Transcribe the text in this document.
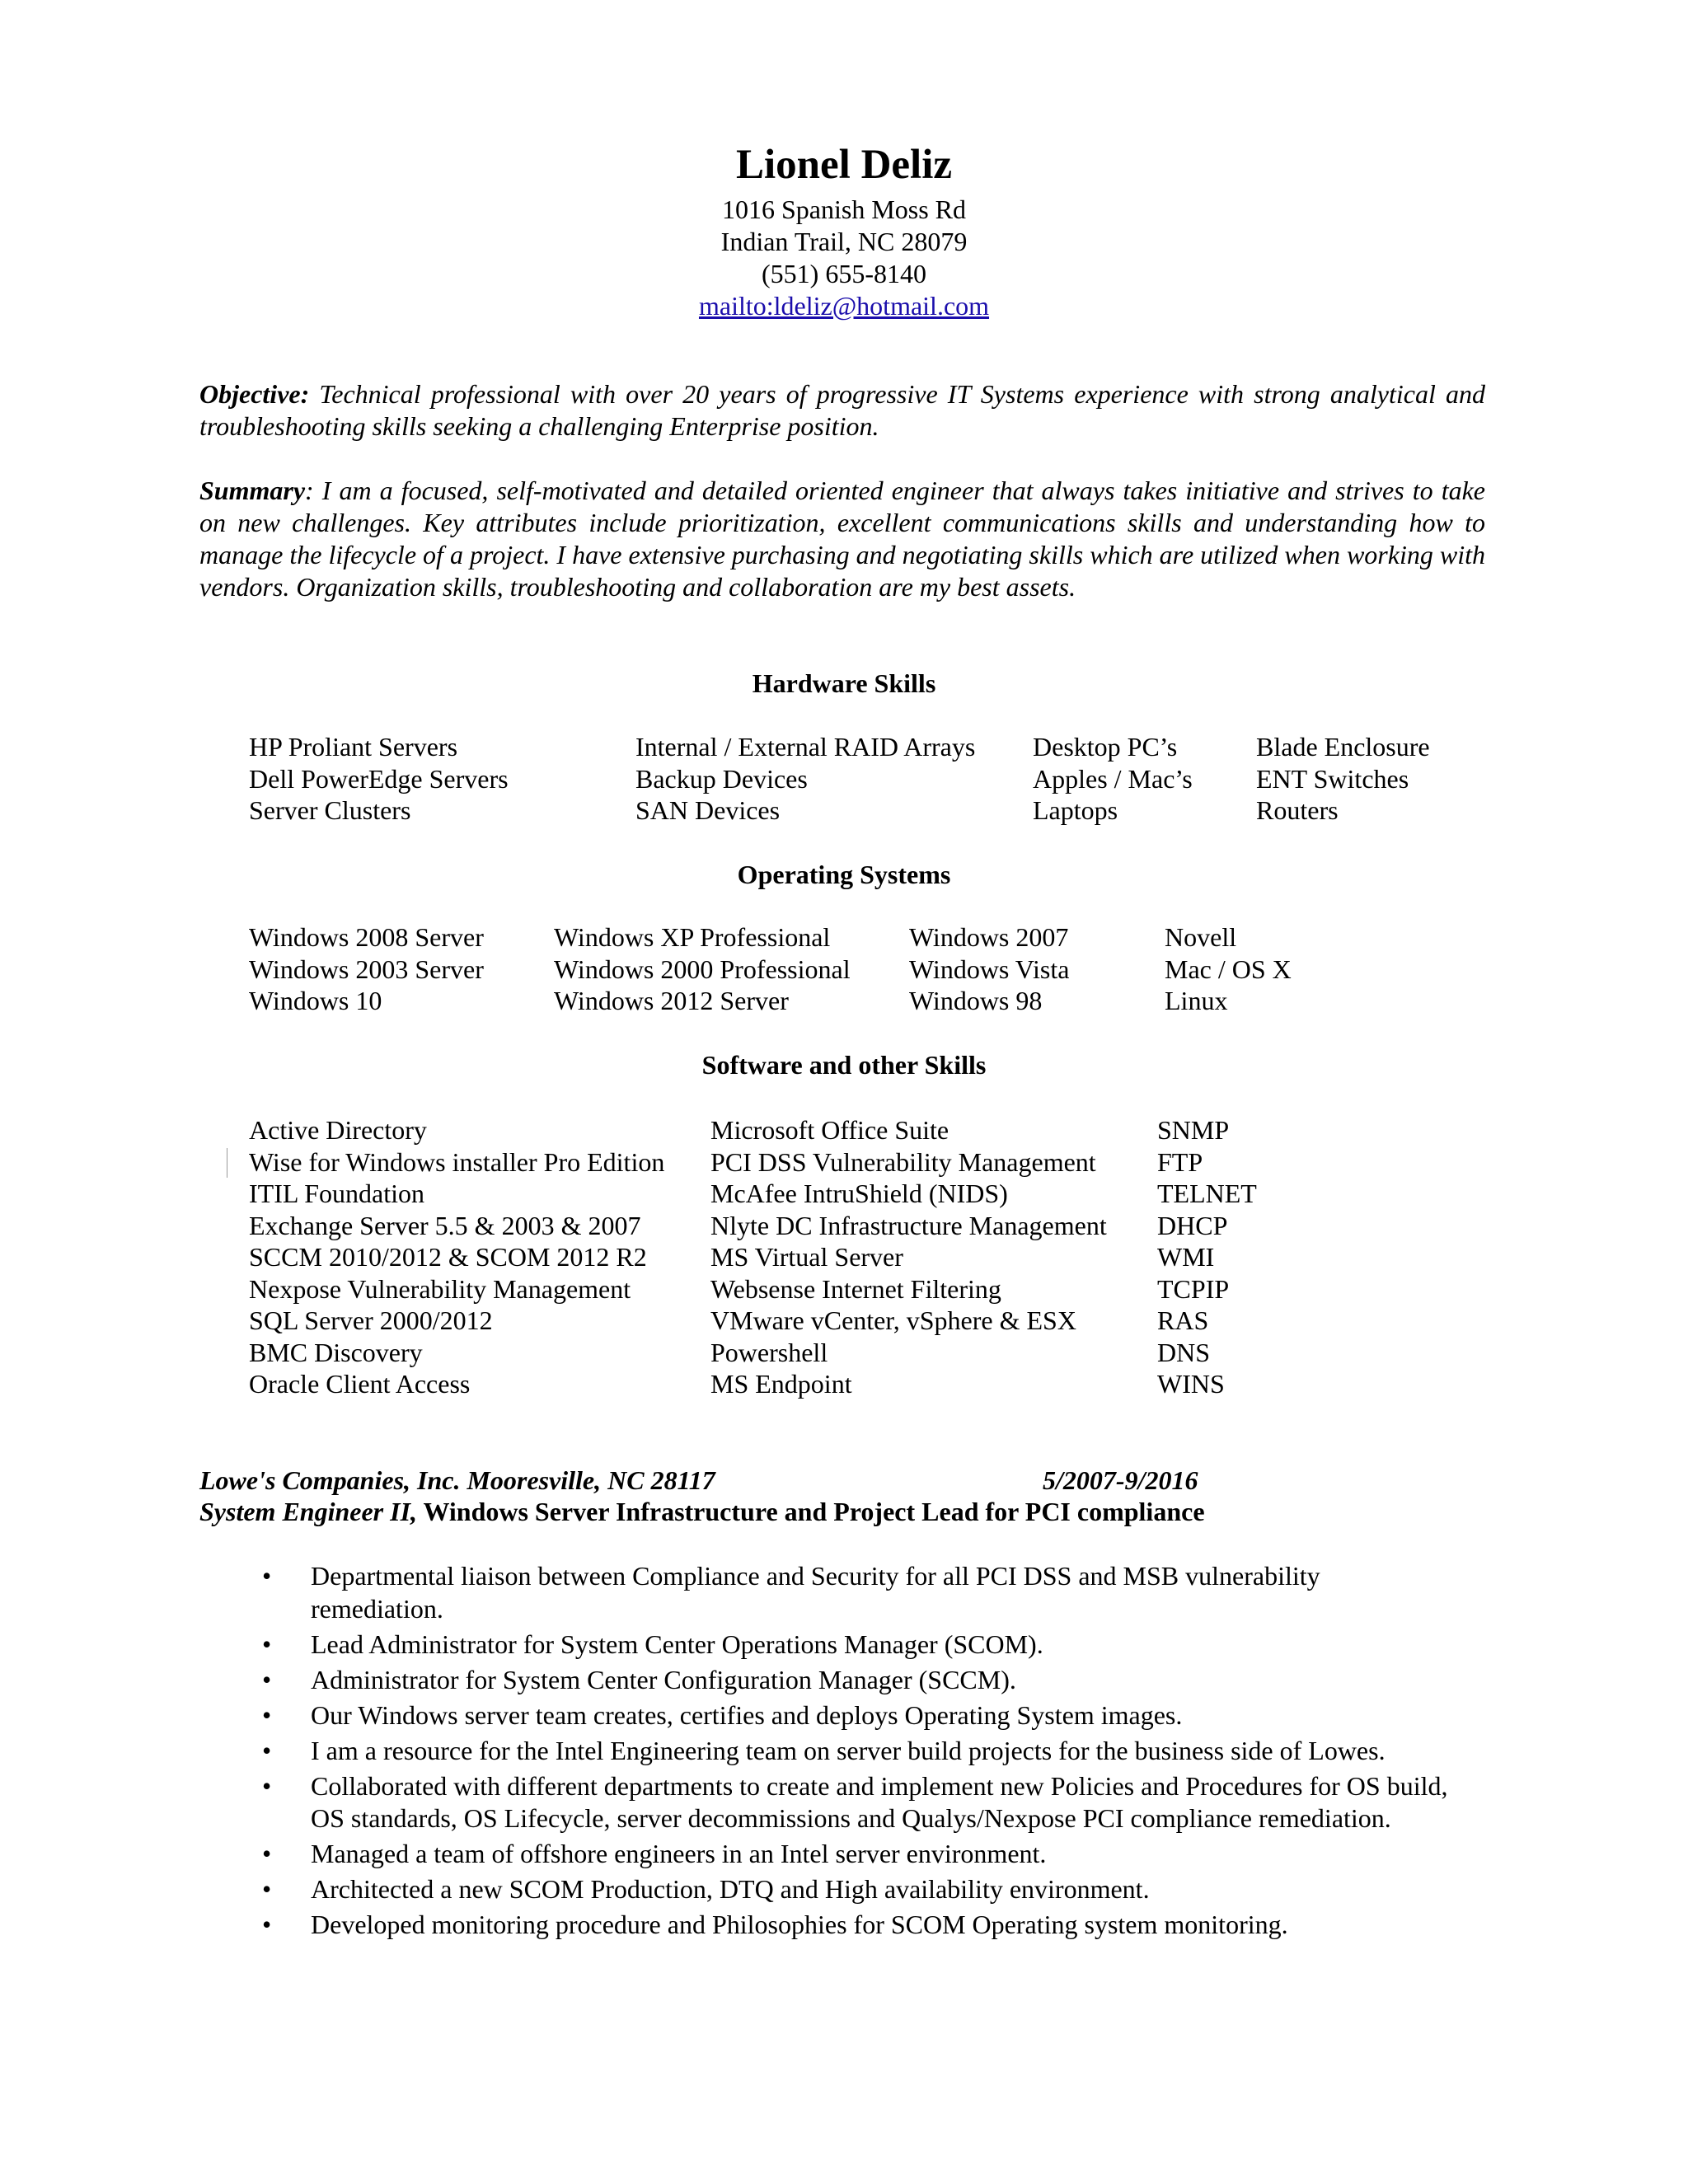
Lionel Deliz
1016 Spanish Moss Rd
Indian Trail, NC 28079
(551) 655-8140
mailto:ldeliz@hotmail.com
Objective: Technical professional with over 20 years of progressive IT Systems experience with strong analytical and troubleshooting skills seeking a challenging Enterprise position.
Summary: I am a focused, self-motivated and detailed oriented engineer that always takes initiative and strives to take on new challenges. Key attributes include prioritization, excellent communications skills and understanding how to manage the lifecycle of a project. I have extensive purchasing and negotiating skills which are utilized when working with vendors. Organization skills, troubleshooting and collaboration are my best assets.
Hardware Skills
HP Proliant Servers
Dell PowerEdge Servers
Server Clusters
Internal / External RAID Arrays
Backup Devices
SAN Devices
Desktop PC’s
Apples / Mac’s
Laptops
Blade Enclosure
ENT Switches
Routers
Operating Systems
Windows 2008 Server
Windows 2003 Server
Windows 10
Windows XP Professional
Windows 2000 Professional
Windows 2012 Server
Windows 2007
Windows Vista
Windows 98
Novell
Mac / OS X
Linux
Software and other Skills
Active Directory
Wise for Windows installer Pro Edition
ITIL Foundation
Exchange Server 5.5 & 2003 & 2007
SCCM 2010/2012 & SCOM 2012 R2
Nexpose Vulnerability Management
SQL Server 2000/2012
BMC Discovery
Oracle Client Access
Microsoft Office Suite
PCI DSS Vulnerability Management
McAfee IntruShield (NIDS)
Nlyte DC Infrastructure Management
MS Virtual Server
Websense Internet Filtering
VMware vCenter, vSphere & ESX
Powershell
MS Endpoint
SNMP
FTP
TELNET
DHCP
WMI
TCPIP
RAS
DNS
WINS
Lowe's Companies, Inc. Mooresville, NC 28117	5/2007-9/2016
System Engineer II, Windows Server Infrastructure and Project Lead for PCI compliance
• Departmental liaison between Compliance and Security for all PCI DSS and MSB vulnerability remediation.
• Lead Administrator for System Center Operations Manager (SCOM).
• Administrator for System Center Configuration Manager (SCCM).
• Our Windows server team creates, certifies and deploys Operating System images.
• I am a resource for the Intel Engineering team on server build projects for the business side of Lowes.
• Collaborated with different departments to create and implement new Policies and Procedures for OS build, OS standards, OS Lifecycle, server decommissions and Qualys/Nexpose PCI compliance remediation.
• Managed a team of offshore engineers in an Intel server environment.
• Architected a new SCOM Production, DTQ and High availability environment.
• Developed monitoring procedure and Philosophies for SCOM Operating system monitoring.
